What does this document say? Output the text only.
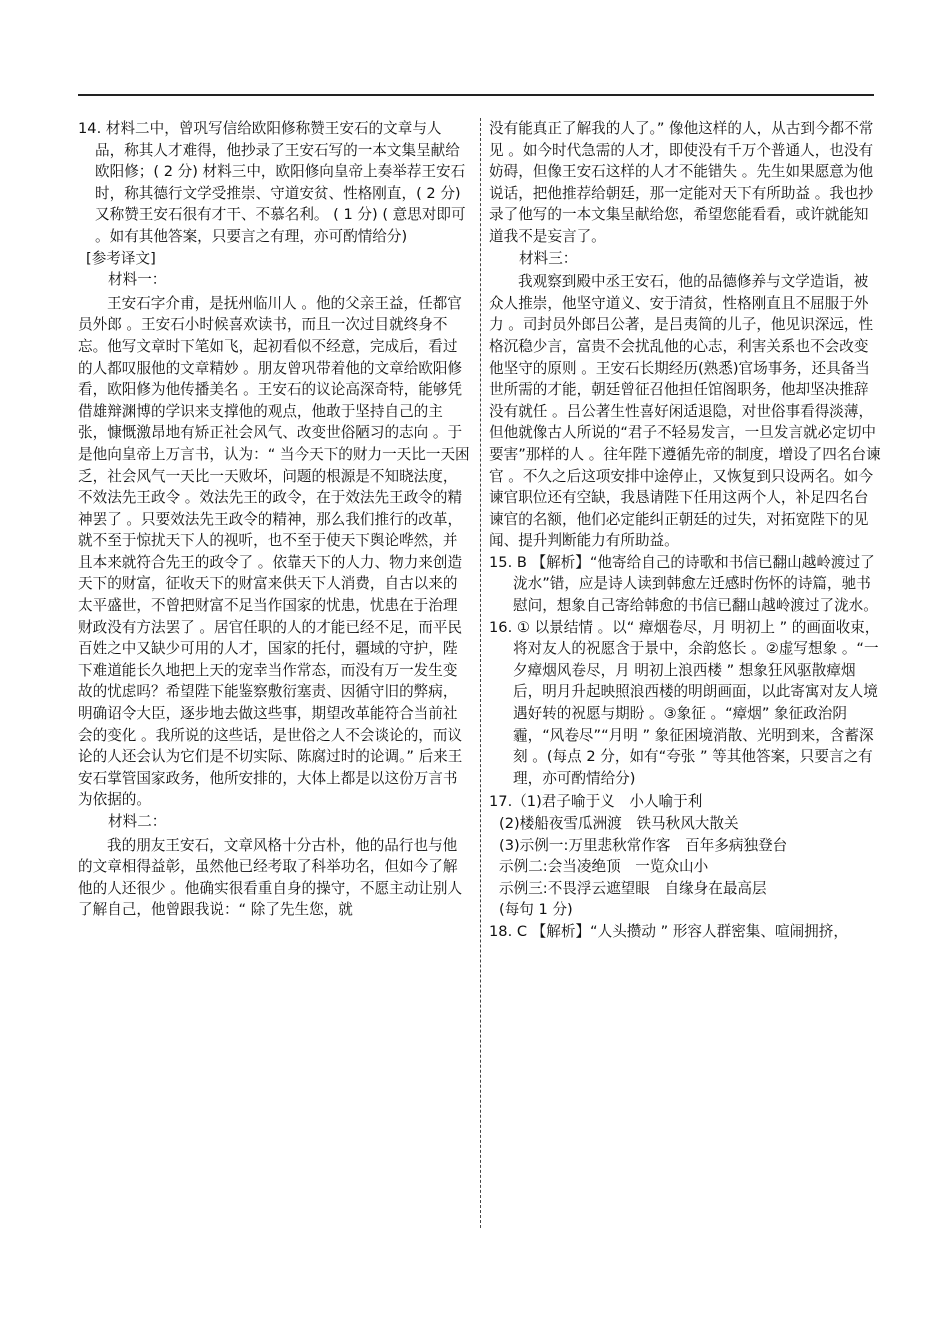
14. 材料二中，曾巩写信给欧阳修称赞王安石的文章与人品，称其人才难得，他抄录了王安石写的一本文集呈献给欧阳修；( 2 分) 材料三中，欧阳修向皇帝上奏举荐王安石时，称其德行文学受推崇、守道安贫、性格刚直，( 2 分) 又称赞王安石很有才干、不慕名利。 ( 1 分) ( 意思对即可 。如有其他答案，只要言之有理，亦可酌情给分)

[参考译文]

材料一：

王安石字介甫，是抚州临川人 。他的父亲王益，任都官员外郎 。王安石小时候喜欢读书，而且一次过目就终身不忘。他写文章时下笔如飞，起初看似不经意，完成后，看过的人都叹服他的文章精妙 。朋友曾巩带着他的文章给欧阳修看，欧阳修为他传播美名 。王安石的议论高深奇特，能够凭借雄辩渊博的学识来支撑他的观点，他敢于坚持自己的主张，慷慨激昂地有矫正社会风气、改变世俗陋习的志向 。于是他向皇帝上万言书，认为：“ 当今天下的财力一天比一天困乏，社会风气一天比一天败坏，问题的根源是不知晓法度，不效法先王政令 。效法先王的政令，在于效法先王政令的精神罢了 。只要效法先王政令的精神，那么我们推行的改革，就不至于惊扰天下人的视听，也不至于使天下舆论哗然，并且本来就符合先王的政令了 。依靠天下的人力、物力来创造天下的财富，征收天下的财富来供天下人消费，自古以来的太平盛世，不曾把财富不足当作国家的忧患，忧患在于治理财政没有方法罢了 。居官任职的人的才能已经不足，而平民百姓之中又缺少可用的人才，国家的托付，疆域的守护，陛下难道能长久地把上天的宠幸当作常态，而没有万一发生变故的忧虑吗？希望陛下能鉴察敷衍塞责、因循守旧的弊病，明确诏令大臣，逐步地去做这些事，期望改革能符合当前社会的变化 。我所说的这些话，是世俗之人不会谈论的，而议论的人还会认为它们是不切实际、陈腐过时的论调。” 后来王安石掌管国家政务，他所安排的，大体上都是以这份万言书为依据的。

材料二：

我的朋友王安石，文章风格十分古朴，他的品行也与他的文章相得益彰，虽然他已经考取了科举功名，但如今了解他的人还很少 。他确实很看重自身的操守，不愿主动让别人了解自己，他曾跟我说：“ 除了先生您，就

没有能真正了解我的人了。” 像他这样的人，从古到今都不常见 。如今时代急需的人才，即使没有千万个普通人，也没有妨碍，但像王安石这样的人才不能错失 。先生如果愿意为他说话，把他推荐给朝廷，那一定能对天下有所助益 。我也抄录了他写的一本文集呈献给您，希望您能看看，或许就能知道我不是妄言了。

材料三：

我观察到殿中丞王安石，他的品德修养与文学造诣，被众人推崇，他坚守道义、安于清贫，性格刚直且不屈服于外力 。司封员外郎吕公著，是吕夷简的儿子，他见识深远，性格沉稳少言，富贵不会扰乱他的心志，利害关系也不会改变他坚守的原则 。王安石长期经历(熟悉)官场事务，还具备当世所需的才能，朝廷曾征召他担任馆阁职务，他却坚决推辞没有就任 。吕公著生性喜好闲适退隐，对世俗事看得淡薄，但他就像古人所说的“君子不轻易发言，一旦发言就必定切中要害”那样的人 。往年陛下遵循先帝的制度，增设了四名台谏官 。不久之后这项安排中途停止，又恢复到只设两名。如今谏官职位还有空缺，我恳请陛下任用这两个人，补足四名台谏官的名额，他们必定能纠正朝廷的过失，对拓宽陛下的见闻、提升判断能力有所助益。

15. B 【解析】“他寄给自己的诗歌和书信已翻山越岭渡过了泷水”错，应是诗人读到韩愈左迁感时伤怀的诗篇，驰书慰问，想象自己寄给韩愈的书信已翻山越岭渡过了泷水。

16. ① 以景结情 。以“ 瘴烟卷尽，月 明初上 ” 的画面收束，将对友人的祝愿含于景中，余韵悠长 。②虚写想象 。“一夕瘴烟风卷尽，月 明初上浪西楼 ” 想象狂风驱散瘴烟后，明月升起映照浪西楼的明朗画面，以此寄寓对友人境遇好转的祝愿与期盼 。③象征 。“瘴烟” 象征政治阴霾，“风卷尽”“月明 ” 象征困境消散、光明到来，含蓄深刻 。(每点 2 分，如有“夸张 ” 等其他答案，只要言之有理，亦可酌情给分)

17.（1)君子喻于义　小人喻于利

(2)楼船夜雪瓜洲渡　铁马秋风大散关

(3)示例一:万里悲秋常作客　百年多病独登台

示例二:会当凌绝顶　一览众山小

示例三:不畏浮云遮望眼　自缘身在最高层

(每句 1 分)

18. C 【解析】“人头攒动 ” 形容人群密集、喧闹拥挤，
